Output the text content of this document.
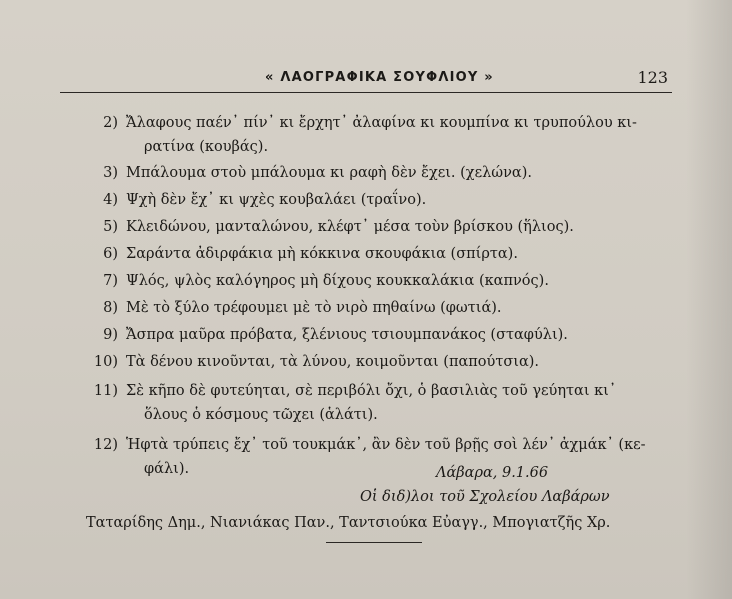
« ΛΑΟΓΡΑΦΙΚΑ ΣΟΥΦΛΙΟΥ »	123
2) Ἄλαφους παέν᾽ πίν᾽ κι ἔρχητ᾽ ἀλαφίνα κι κουμπίνα κι τρυπούλου κι-
ρατίνα (κουβάς).
3) Μπάλουμα στοὺ μπάλουμα κι ραφὴ δὲν ἔχει. (χελώνα).
4) Ψχὴ δὲν ἔχ᾽ κι ψχὲς κουβαλάει (τραΐνο).
5) Κλειδώνου, μανταλώνου, κλέφτ᾽ μέσα τοὺν βρίσκου (ἥλιος).
6) Σαράντα ἀδιρφάκια μὴ κόκκινα σκουφάκια (σπίρτα).
7) Ψλός, ψλὸς καλόγηρος μὴ δίχους κουκκαλάκια (καπνός).
8) Μὲ τὸ ξύλο τρέφουμει μὲ τὸ νιρὸ πηθαίνω (φωτιά).
9) Ἄσπρα μαῦρα πρόβατα, ξλένιους τσιουμπανάκος (σταφύλι).
10) Τὰ δένου κινοῦνται, τὰ λύνου, κοιμοῦνται (παπούτσια).
11) Σὲ κῆπο δὲ φυτεύηται, σὲ περιβόλι ὄχι, ὁ βασιλιὰς τοῦ γεύηται κι᾽
ὅλους ὁ κόσμους τῶχει (ἁλάτι).
12) Ἡφτὰ τρύπεις ἔχ᾽ τοῦ τουκμάκ᾽, ἂν δὲν τοῦ βρῇς σοὶ λέν᾽ ἀχμάκ᾽ (κε-
φάλι).	Λάβαρα, 9.1.66
Οἱ διδ)λοι τοῦ Σχολείου Λαβάρων
Ταταρίδης Δημ., Νιανιάκας Παν., Ταντσιούκα Εὐαγγ., Μπογιατζῆς Χρ.
